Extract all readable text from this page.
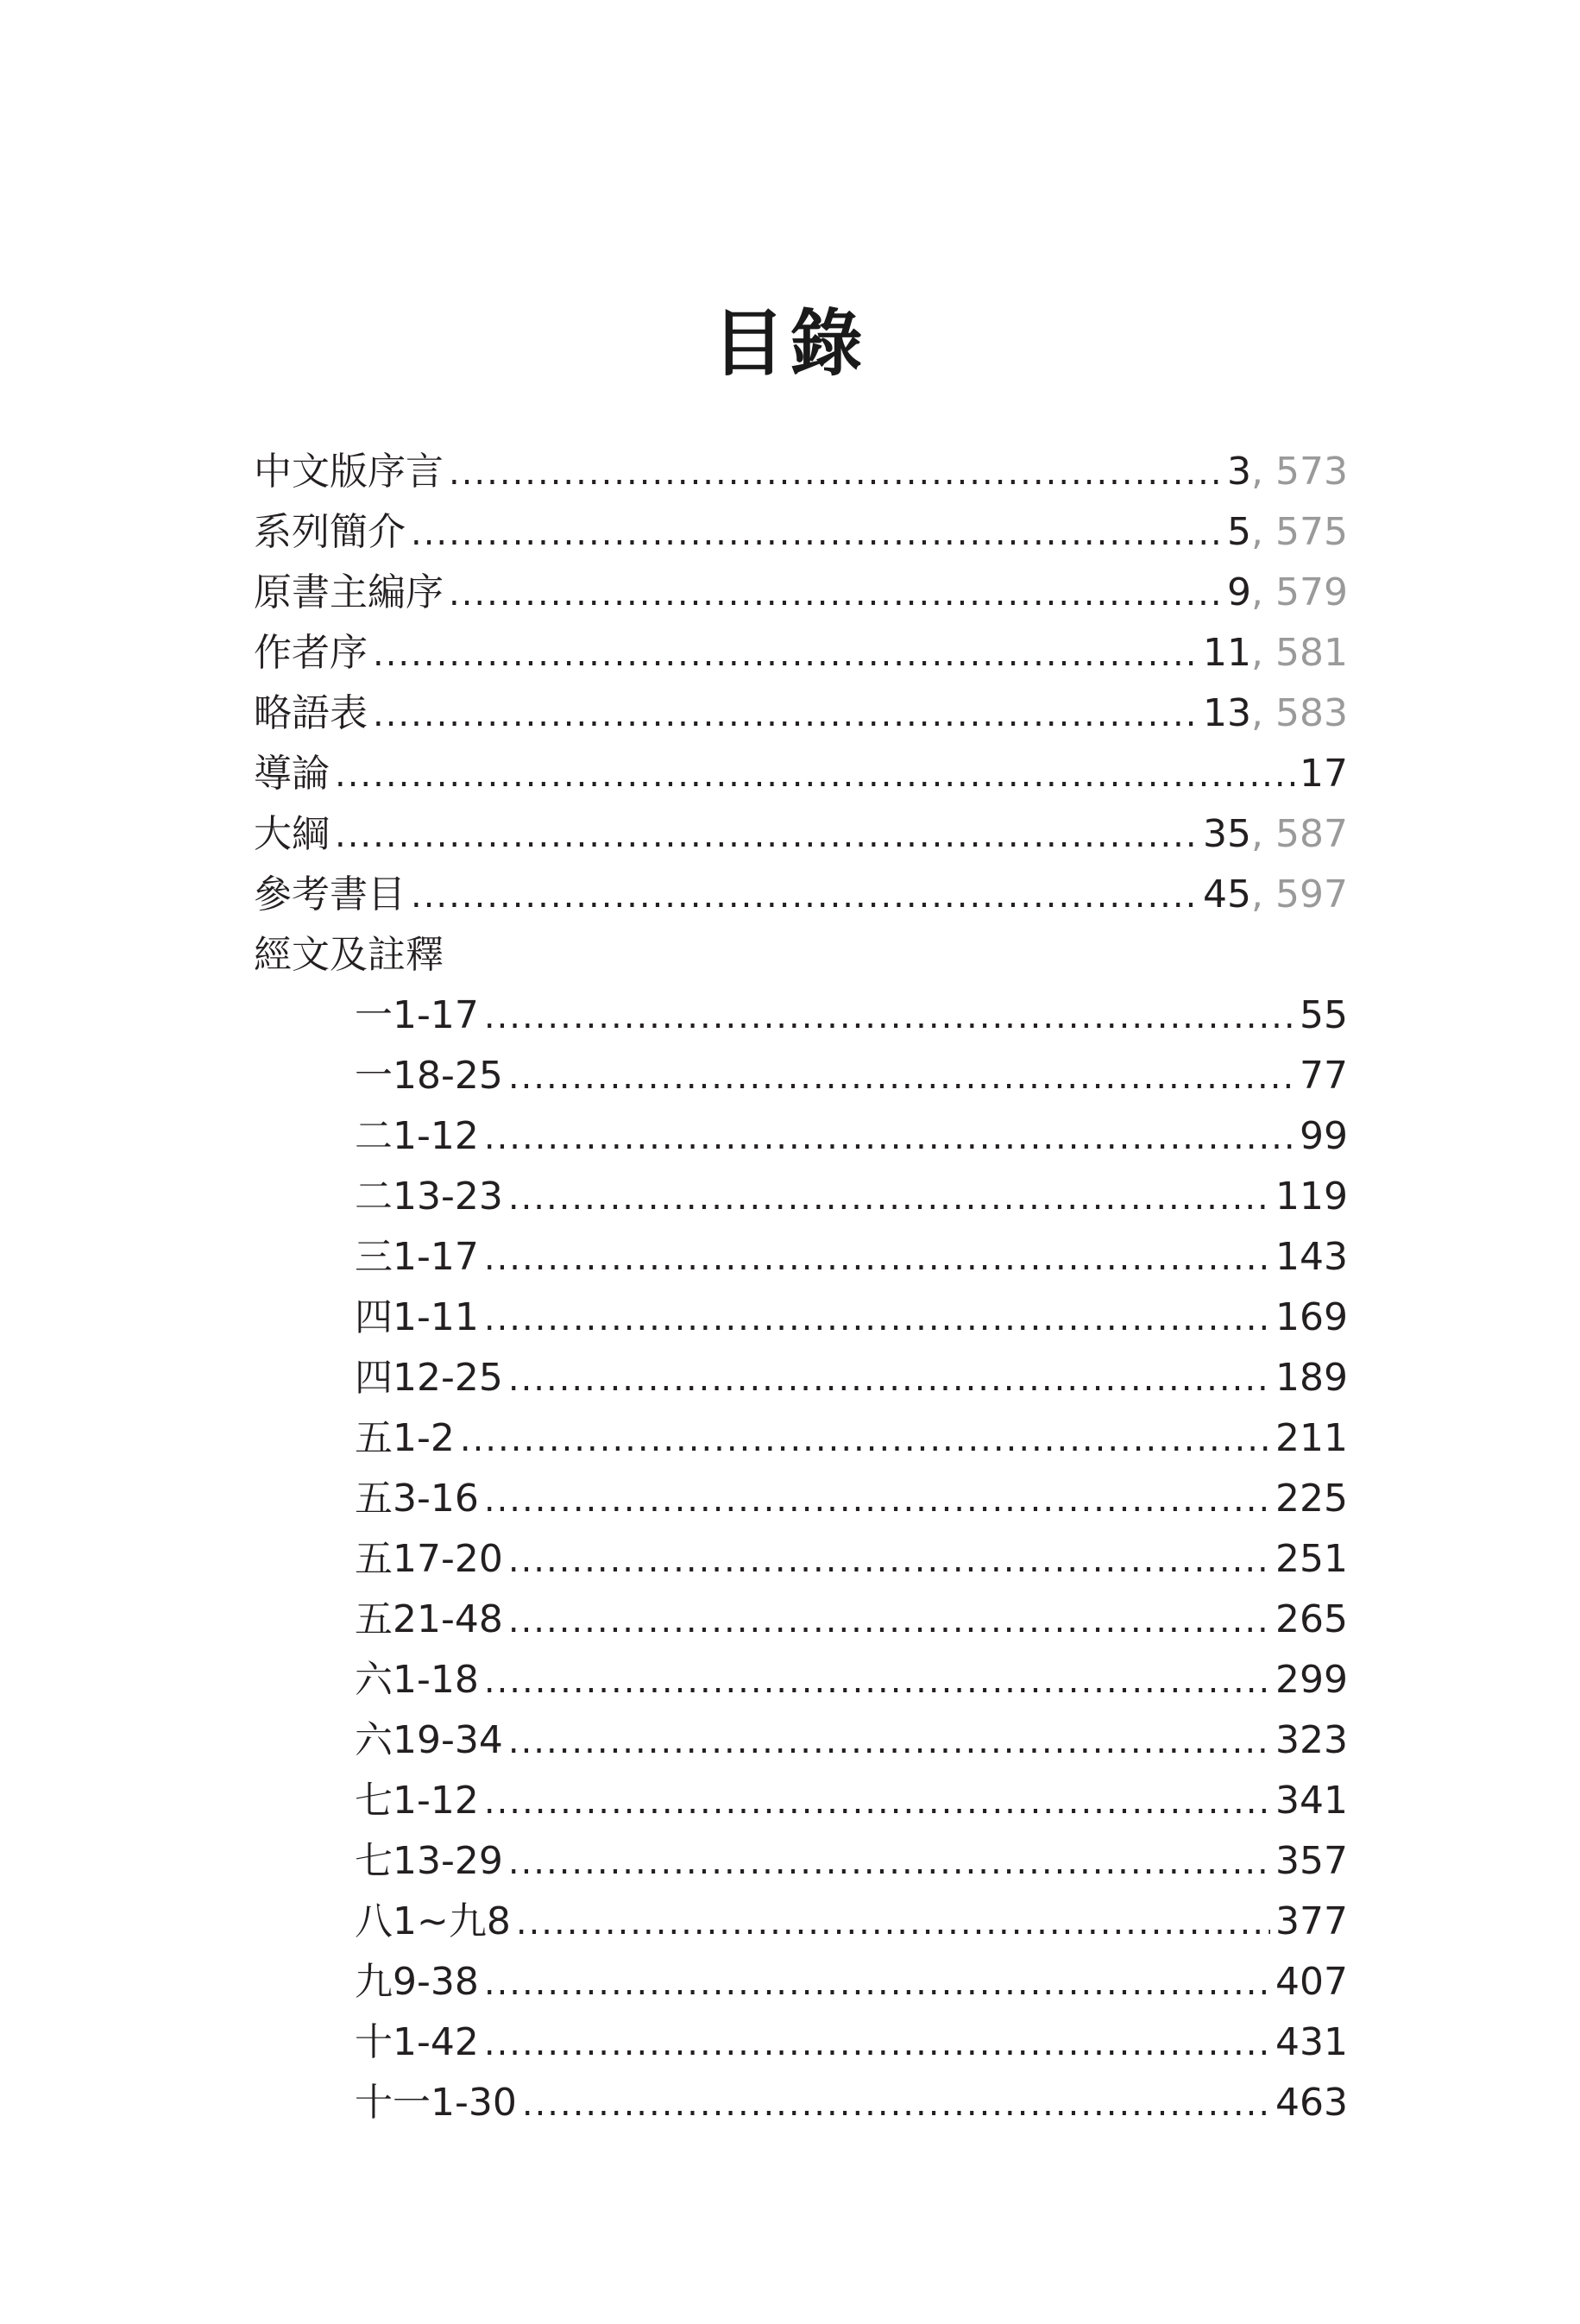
目錄
中文版序言 .....	3 , 573
系列簡介 .....	5 , 575
原書主編序 .....	9 , 579
作者序 .....	11 , 581
略語表 .....	13 , 583
導論 .....	17
大綱 .....	35 , 587
參考書目 .....	45 , 597
經文及註釋
一1-17 .....	55
一18-25 .....	77
二1-12 .....	99
二13-23 .....	119
三1-17 .....	143
四1-11 .....	169
四12-25 .....	189
五1-2 .....	211
五3-16 .....	225
五17-20 .....	251
五21-48 .....	265
六1-18 .....	299
六19-34 .....	323
七1-12 .....	341
七13-29 .....	357
八1~九8 .....	377
九9-38 .....	407
十1-42 .....	431
十一1-30 .....	463
